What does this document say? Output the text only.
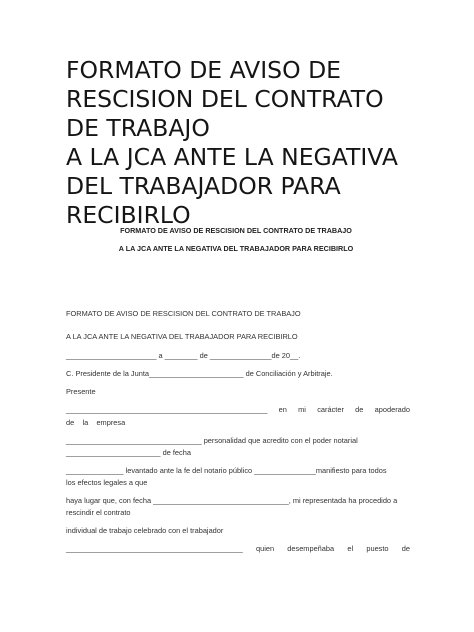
FORMATO DE AVISO DE
RESCISION DEL CONTRATO
DE TRABAJO
A LA JCA ANTE LA NEGATIVA
DEL TRABAJADOR PARA
RECIBIRLO

FORMATO DE AVISO DE RESCISION DEL CONTRATO DE TRABAJO

A LA JCA ANTE LA NEGATIVA DEL TRABAJADOR PARA RECIBIRLO

FORMATO DE AVISO DE RESCISION DEL CONTRATO DE TRABAJO

A LA JCA ANTE LA NEGATIVA DEL TRABAJADOR PARA RECIBIRLO

______________________ a ________ de _______________de 20__.

C. Presidente de la Junta_______________________ de Conciliación y Arbitraje.

Presente

_________________________________________________ en mi carácter de apoderado

de la empresa

_________________________________ personalidad que acredito con el poder notarial

_______________________ de fecha

______________ levantado ante la fe del notario público _______________manifiesto para todos

los efectos legales a que

haya lugar que, con fecha _________________________________, mi representada ha procedido a

rescindir el contrato

individual de trabajo celebrado con el trabajador

___________________________________________ quien desempeñaba el puesto de
